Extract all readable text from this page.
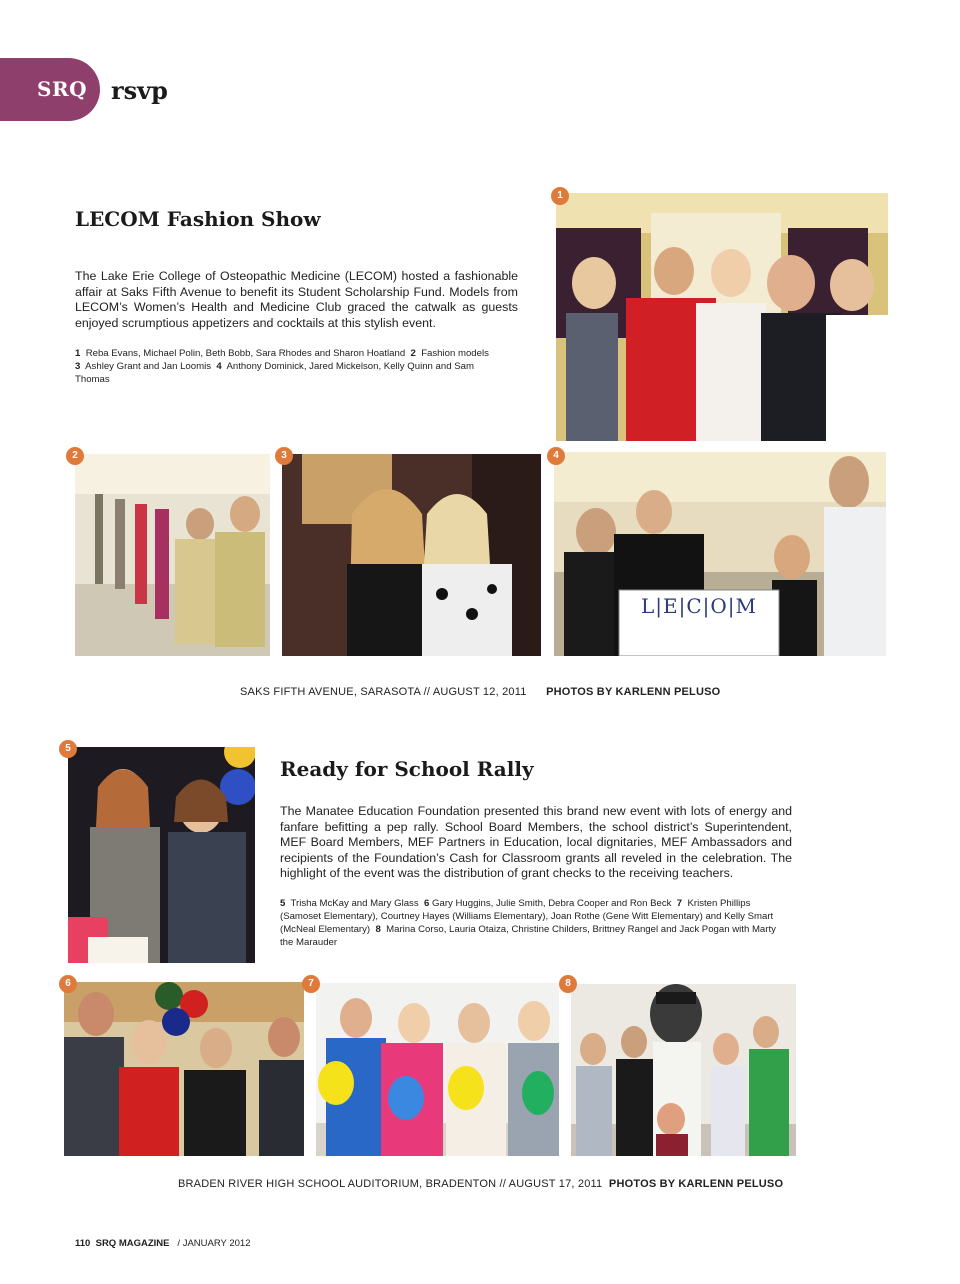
SRQ rsvp
LECOM Fashion Show

The Lake Erie College of Osteopathic Medicine (LECOM) hosted a fashionable affair at Saks Fifth Avenue to benefit its Student Scholarship Fund. Models from LECOM’s Women’s Health and Medicine Club graced the catwalk as guests enjoyed scrumptious appetizers and cocktails at this stylish event.

1 Reba Evans, Michael Polin, Beth Bobb, Sara Rhodes and Sharon Hoatland 2 Fashion models
3 Ashley Grant and Jan Loomis 4 Anthony Dominick, Jared Mickelson, Kelly Quinn and Sam Thomas

1
2	3
L|E|C|O|M
4
SAKS FIFTH AVENUE, SARASOTA // AUGUST 12, 2011 PHOTOS BY KARLENN PELUSO
5
Ready for School Rally

The Manatee Education Foundation presented this brand new event with lots of energy and fanfare befitting a pep rally. School Board Members, the school district’s Superintendent, MEF Board Members, MEF Partners in Education, local dignitaries, MEF Ambassadors and recipients of the Foundation’s Cash for Classroom grants all reveled in the celebration. The highlight of the event was the distribution of grant checks to the receiving teachers.

5 Trisha McKay and Mary Glass 6 Gary Huggins, Julie Smith, Debra Cooper and Ron Beck 7 Kristen Phillips (Samoset Elementary), Courtney Hayes (Williams Elementary), Joan Rothe (Gene Witt Elementary) and Kelly Smart (McNeal Elementary) 8 Marina Corso, Lauria Otaiza, Christine Childers, Brittney Rangel and Jack Pogan with Marty the Marauder

6	7	8
BRADEN RIVER HIGH SCHOOL AUDITORIUM, BRADENTON // AUGUST 17, 2011 PHOTOS BY KARLENN PELUSO
110 SRQ MAGAZINE / JANUARY 2012
